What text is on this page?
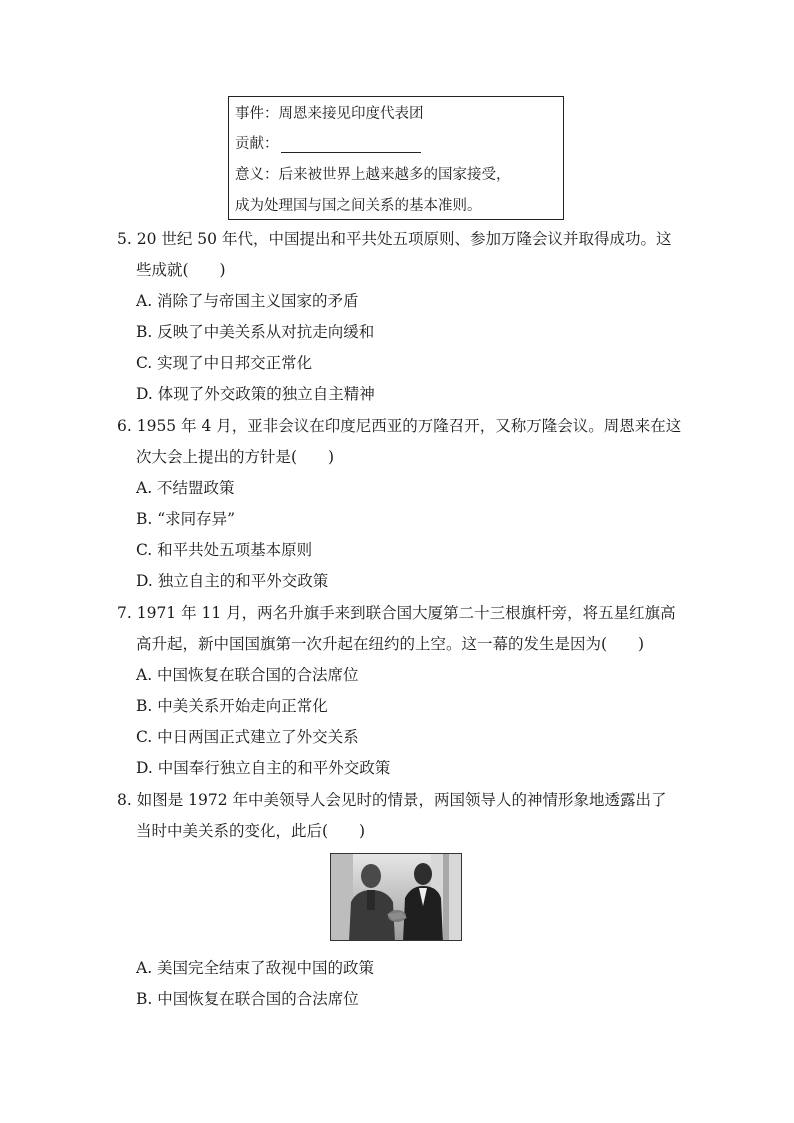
事件：周恩来接见印度代表团
贡献：
意义：后来被世界上越来越多的国家接受，
成为处理国与国之间关系的基本准则。
5. 20 世纪 50 年代，中国提出和平共处五项原则、参加万隆会议并取得成功。这
些成就(　　)
A. 消除了与帝国主义国家的矛盾
B. 反映了中美关系从对抗走向缓和
C. 实现了中日邦交正常化
D. 体现了外交政策的独立自主精神
6. 1955 年 4 月，亚非会议在印度尼西亚的万隆召开，又称万隆会议。周恩来在这
次大会上提出的方针是(　　)
A. 不结盟政策
B. “求同存异”
C. 和平共处五项基本原则
D. 独立自主的和平外交政策
7. 1971 年 11 月，两名升旗手来到联合国大厦第二十三根旗杆旁，将五星红旗高
高升起，新中国国旗第一次升起在纽约的上空。这一幕的发生是因为(　　)
A. 中国恢复在联合国的合法席位
B. 中美关系开始走向正常化
C. 中日两国正式建立了外交关系
D. 中国奉行独立自主的和平外交政策
8. 如图是 1972 年中美领导人会见时的情景，两国领导人的神情形象地透露出了
当时中美关系的变化，此后(　　)
A. 美国完全结束了敌视中国的政策
B. 中国恢复在联合国的合法席位
